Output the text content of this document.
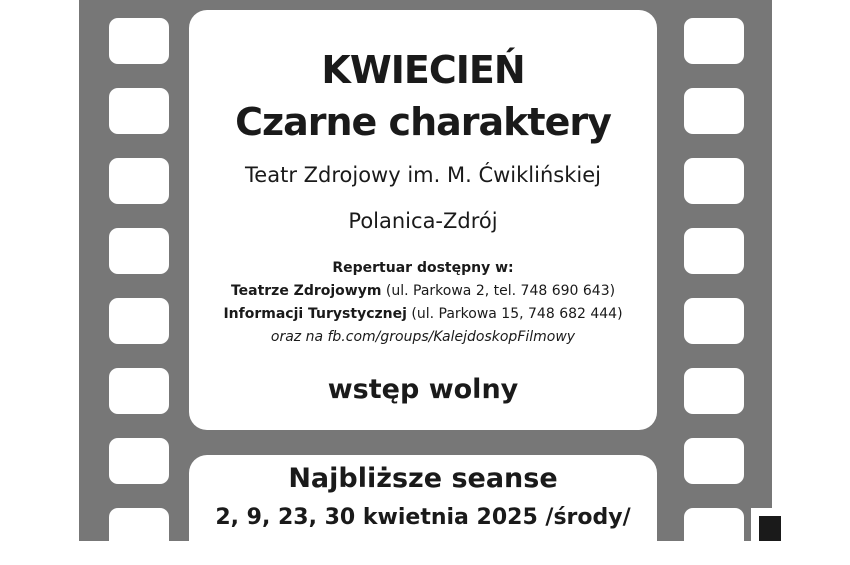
KWIECIEŃ
Czarne charaktery
Teatr Zdrojowy im. M. Ćwiklińskiej
Polanica-Zdrój
Repertuar dostępny w:
Teatrze Zdrojowym (ul. Parkowa 2, tel. 748 690 643)
Informacji Turystycznej (ul. Parkowa 15, 748 682 444)
oraz na fb.com/groups/KalejdoskopFilmowy
wstęp wolny
Najbliższe seanse
2, 9, 23, 30 kwietnia 2025 /środy/
